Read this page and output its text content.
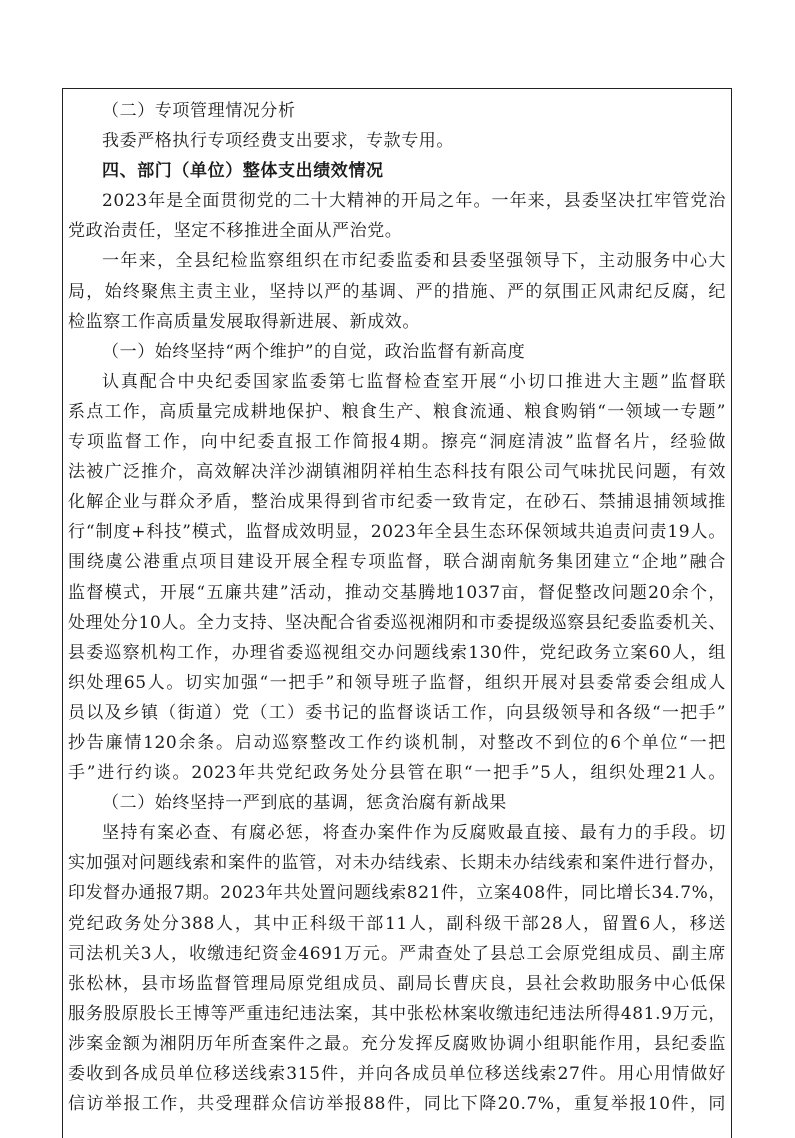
（二）专项管理情况分析
我委严格执行专项经费支出要求，专款专用。
四、部门（单位）整体支出绩效情况
2023年是全面贯彻党的二十大精神的开局之年。一年来，县委坚决扛牢管党治
党政治责任，坚定不移推进全面从严治党。
一年来，全县纪检监察组织在市纪委监委和县委坚强领导下，主动服务中心大
局，始终聚焦主责主业，坚持以严的基调、严的措施、严的氛围正风肃纪反腐，纪
检监察工作高质量发展取得新进展、新成效。
（一）始终坚持“两个维护”的自觉，政治监督有新高度
认真配合中央纪委国家监委第七监督检查室开展“小切口推进大主题”监督联
系点工作，高质量完成耕地保护、粮食生产、粮食流通、粮食购销“一领域一专题”
专项监督工作，向中纪委直报工作简报4期。擦亮“洞庭清波”监督名片，经验做
法被广泛推介，高效解决洋沙湖镇湘阴祥柏生态科技有限公司气味扰民问题，有效
化解企业与群众矛盾，整治成果得到省市纪委一致肯定，在砂石、禁捕退捕领域推
行“制度+科技”模式，监督成效明显，2023年全县生态环保领域共追责问责19人。
围绕虞公港重点项目建设开展全程专项监督，联合湖南航务集团建立“企地”融合
监督模式，开展“五廉共建”活动，推动交基腾地1037亩，督促整改问题20余个，
处理处分10人。全力支持、坚决配合省委巡视湘阴和市委提级巡察县纪委监委机关、
县委巡察机构工作，办理省委巡视组交办问题线索130件，党纪政务立案60人，组
织处理65人。切实加强“一把手”和领导班子监督，组织开展对县委常委会组成人
员以及乡镇（街道）党（工）委书记的监督谈话工作，向县级领导和各级“一把手”
抄告廉情120余条。启动巡察整改工作约谈机制，对整改不到位的6个单位“一把
手”进行约谈。2023年共党纪政务处分县管在职“一把手”5人，组织处理21人。
（二）始终坚持一严到底的基调，惩贪治腐有新战果
坚持有案必查、有腐必惩，将查办案件作为反腐败最直接、最有力的手段。切
实加强对问题线索和案件的监管，对未办结线索、长期未办结线索和案件进行督办，
印发督办通报7期。2023年共处置问题线索821件，立案408件，同比增长34.7%，
党纪政务处分388人，其中正科级干部11人，副科级干部28人，留置6人，移送
司法机关3人，收缴违纪资金4691万元。严肃查处了县总工会原党组成员、副主席
张松林，县市场监督管理局原党组成员、副局长曹庆良，县社会救助服务中心低保
服务股原股长王博等严重违纪违法案，其中张松林案收缴违纪违法所得481.9万元，
涉案金额为湘阴历年所查案件之最。充分发挥反腐败协调小组职能作用，县纪委监
委收到各成员单位移送线索315件，并向各成员单位移送线索27件。用心用情做好
信访举报工作，共受理群众信访举报88件，同比下降20.7%，重复举报10件，同
